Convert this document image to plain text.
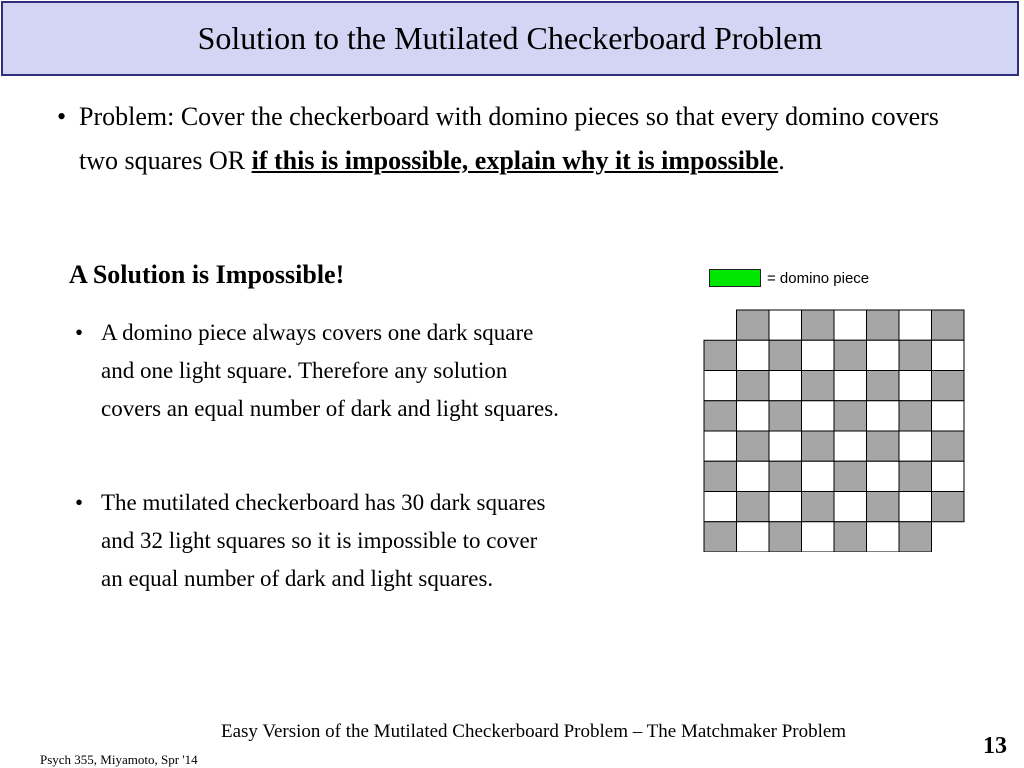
Solution to the Mutilated Checkerboard Problem
• Problem: Cover the checkerboard with domino pieces so that every domino covers two squares OR if this is impossible, explain why it is impossible.
A Solution is Impossible!
• A domino piece always covers one dark square and one light square. Therefore any solution covers an equal number of dark and light squares.
• The mutilated checkerboard has 30 dark squares and 32 light squares so it is impossible to cover an equal number of dark and light squares.
= domino piece
Easy Version of the Mutilated Checkerboard Problem – The Matchmaker Problem
Psych 355, Miyamoto, Spr '14
13
